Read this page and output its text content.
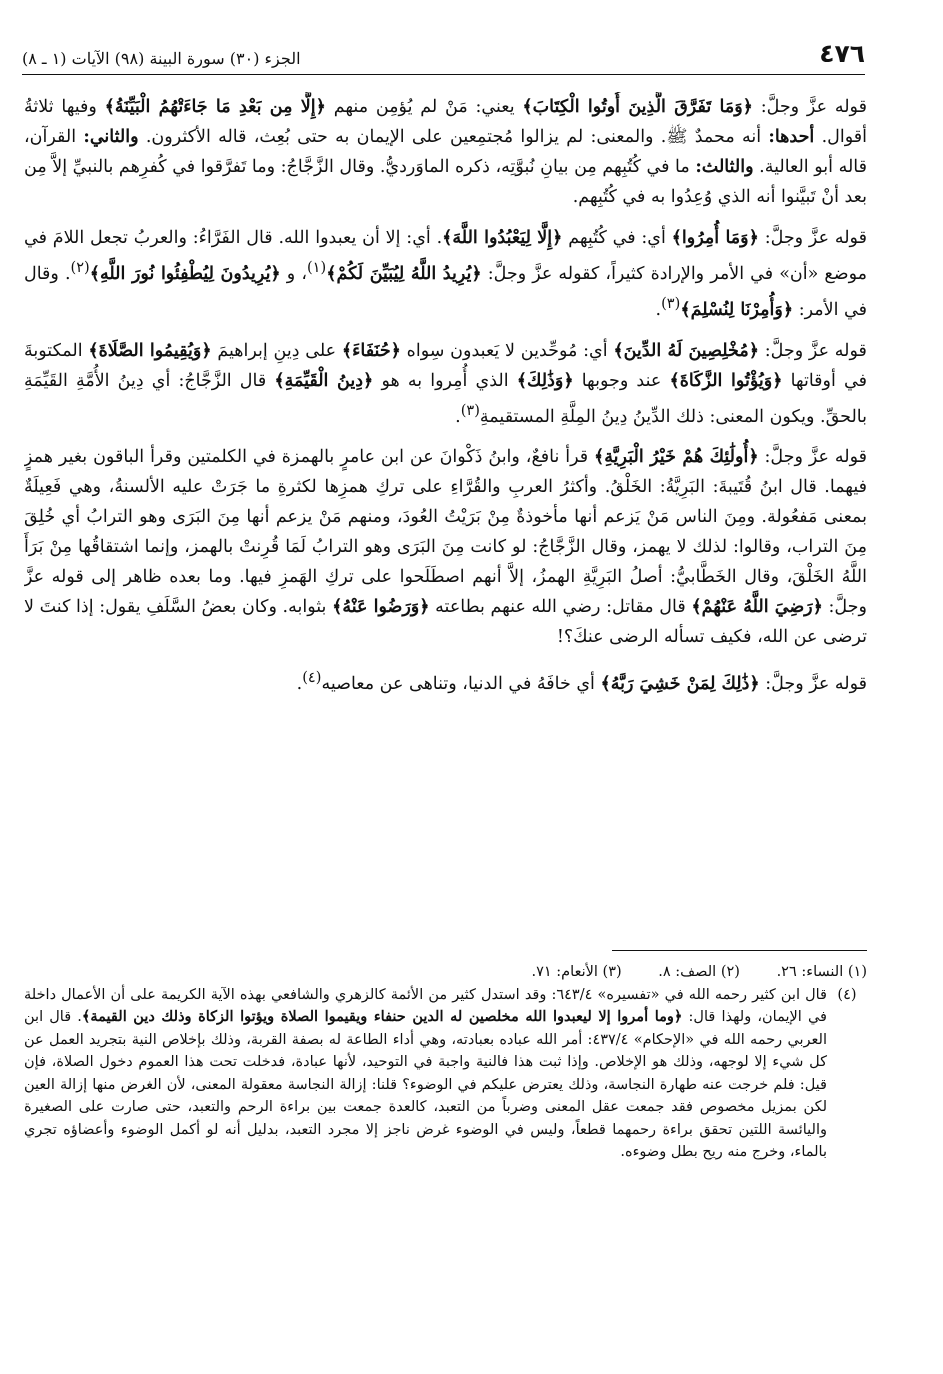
٤٧٦
الجزء (٣٠) سورة البينة (٩٨) الآيات (١ ـ ٨)

قوله عزَّ وجلَّ: ﴿وَمَا تَفَرَّقَ الَّذِينَ أُوتُوا الْكِتَابَ﴾ يعني: مَنْ لم يُؤمِن منهم ﴿إِلَّا مِن بَعْدِ مَا جَاءَتْهُمُ الْبَيِّنَةُ﴾ وفيها ثلاثةُ أقوال. أحدها: أنه محمدٌ ﷺ. والمعنى: لم يزالوا مُجتمِعين على الإيمان به حتى بُعِث، قاله الأكثرون. والثاني: القرآن، قاله أبو العالية. والثالث: ما في كُتُبِهم مِن بيانِ نُبوَّتِه، ذكره الماوَرديُّ. وقال الزَّجَّاجُ: وما تَفرَّقوا في كُفرِهم بالنبيِّ إلاَّ مِن بعد أنْ تَبيَّنوا أنه الذي وُعِدُوا به في كُتُبِهم.

قوله عزَّ وجلَّ: ﴿وَمَا أُمِرُوا﴾ أي: في كُتُبِهم ﴿إِلَّا لِيَعْبُدُوا اللَّهَ﴾. أي: إلا أن يعبدوا الله. قال الفَرَّاءُ: والعربُ تجعل اللامَ في موضع «أن» في الأمر والإرادة كثيراً، كقوله عزَّ وجلَّ: ﴿يُرِيدُ اللَّهُ لِيُبَيِّنَ لَكُمْ﴾$^{(١)}$، و ﴿يُرِيدُونَ لِيُطْفِئُوا نُورَ اللَّهِ﴾$^{(٢)}$. وقال في الأمر: ﴿وَأُمِرْنَا لِنُسْلِمَ﴾$^{(٣)}$.

قوله عزَّ وجلَّ: ﴿مُخْلِصِينَ لَهُ الدِّينَ﴾ أي: مُوحِّدين لا يَعبدون سِواه ﴿حُنَفَاءَ﴾ على دِينِ إبراهيمَ ﴿وَيُقِيمُوا الصَّلَاةَ﴾ المكتوبةَ في أوقاتها ﴿وَيُؤْتُوا الزَّكَاةَ﴾ عند وجوبها ﴿وَذَٰلِكَ﴾ الذي أُمِروا به هو ﴿دِينُ الْقَيِّمَةِ﴾ قال الزَّجَّاجُ: أي دِينُ الأُمَّةِ القَيِّمَةِ بالحقِّ. ويكون المعنى: ذلك الدِّينُ دِينُ المِلَّةِ المستقيمةِ$^{(٣)}$.

قوله عزَّ وجلَّ: ﴿أُولَٰئِكَ هُمْ خَيْرُ الْبَرِيَّةِ﴾ قرأ نافعٌ، وابنُ ذَكْوانَ عن ابن عامرٍ بالهمزة في الكلمتين وقرأ الباقون بغير همزٍ فيهما. قال ابنُ قُتَيبةَ: البَرِيَّةُ: الخَلْقُ. وأكثرُ العربِ والقُرَّاءِ على تركِ همزِها لكثرةِ ما جَرَتْ عليه الألسنةُ، وهي فَعِيلَةٌ بمعنى مَفعُولة. ومِنَ الناس مَنْ يَزعم أنها مأخوذةٌ مِنْ بَرَيْتُ العُودَ، ومنهم مَنْ يزعم أنها مِنَ البَرَى وهو الترابُ أي خُلِقَ مِنَ التراب، وقالوا: لذلك لا يهمز، وقال الزَّجَّاجُ: لو كانت مِنَ البَرَى وهو الترابُ لَمَا قُرِنتْ بالهمز، وإنما اشتقاقُها مِنْ بَرَأَ اللَّهُ الخَلْقَ، وقال الخَطَّابيُّ: أصلُ البَرِيَّةِ الهمزُ، إلاَّ أنهم اصطَلَحوا على تركِ الهَمزِ فيها. وما بعده ظاهر إلى قوله عزَّ وجلَّ: ﴿رَضِيَ اللَّهُ عَنْهُمْ﴾ قال مقاتل: رضي الله عنهم بطاعته ﴿وَرَضُوا عَنْهُ﴾ بثوابه. وكان بعضُ السَّلَفِ يقول: إذا كنتَ لا ترضى عن الله، فكيف تسأله الرضى عنكَ؟!

قوله عزَّ وجلَّ: ﴿ذَٰلِكَ لِمَنْ خَشِيَ رَبَّهُ﴾ أي خافَهُ في الدنيا، وتناهى عن معاصيه$^{(٤)}$.

(١) النساء: ٢٦. (٢) الصف: ٨. (٣) الأنعام: ٧١.
(٤)
قال ابن كثير رحمه الله في «تفسيره» ٦٤٣/٤: وقد استدل كثير من الأئمة كالزهري والشافعي بهذه الآية الكريمة على أن الأعمال داخلة في الإيمان، ولهذا قال: ﴿وما أمروا إلا ليعبدوا الله مخلصين له الدين حنفاء ويقيموا الصلاة ويؤتوا الزكاة وذلك دين القيمة﴾. قال ابن العربي رحمه الله في «الإحكام» ٤٣٧/٤: أمر الله عباده بعبادته، وهي أداء الطاعة له بصفة القربة، وذلك بإخلاص النية بتجريد العمل عن كل شيء إلا لوجهه، وذلك هو الإخلاص. وإذا ثبت هذا فالنية واجبة في التوحيد، لأنها عبادة، فدخلت تحت هذا العموم دخول الصلاة، فإن قيل: فلم خرجت عنه طهارة النجاسة، وذلك يعترض عليكم في الوضوء؟ قلنا: إزالة النجاسة معقولة المعنى، لأن الغرض منها إزالة العين لكن بمزيل مخصوص فقد جمعت عقل المعنى وضرباً من التعبد، كالعدة جمعت بين براءة الرحم والتعبد، حتى صارت على الصغيرة واليائسة اللتين تحقق براءة رحمهما قطعاً، وليس في الوضوء غرض ناجز إلا مجرد التعبد، بدليل أنه لو أكمل الوضوء وأعضاؤه تجري بالماء، وخرج منه ريح بطل وضوءه.
